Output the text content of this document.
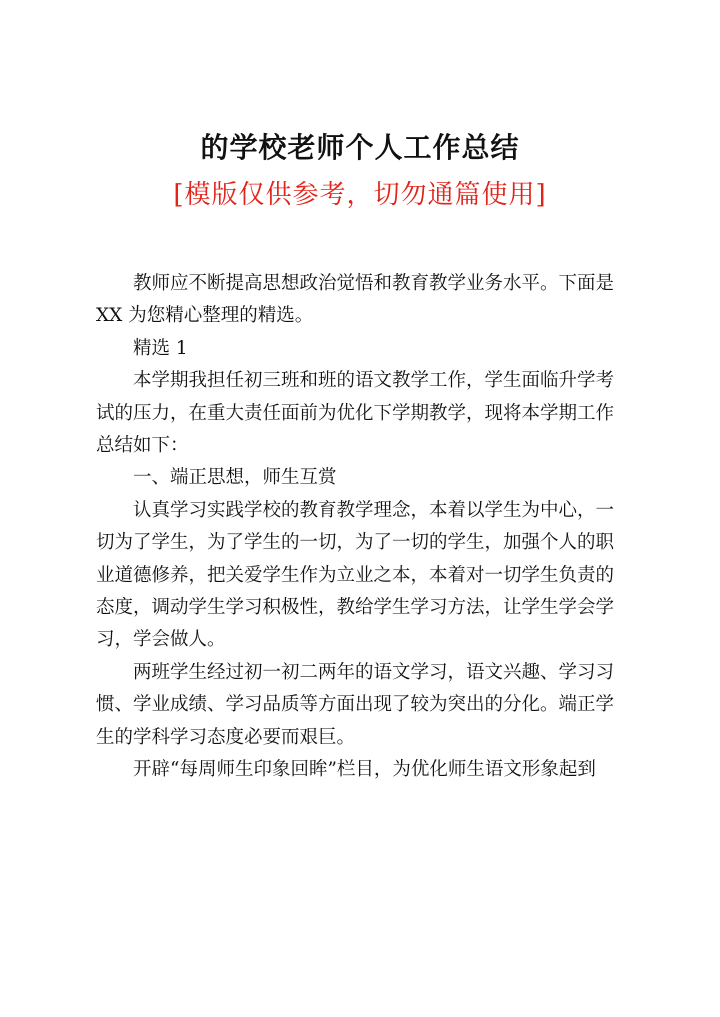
的学校老师个人工作总结
[模版仅供参考，切勿通篇使用]
教师应不断提高思想政治觉悟和教育教学业务水平。下面是
XX 为您精心整理的精选。
精选 1
本学期我担任初三班和班的语文教学工作，学生面临升学考
试的压力，在重大责任面前为优化下学期教学，现将本学期工作
总结如下：
一、端正思想，师生互赏
认真学习实践学校的教育教学理念，本着以学生为中心，一
切为了学生，为了学生的一切，为了一切的学生，加强个人的职
业道德修养，把关爱学生作为立业之本，本着对一切学生负责的
态度，调动学生学习积极性，教给学生学习方法，让学生学会学
习，学会做人。
两班学生经过初一初二两年的语文学习，语文兴趣、学习习
惯、学业成绩、学习品质等方面出现了较为突出的分化。端正学
生的学科学习态度必要而艰巨。
开辟“每周师生印象回眸”栏目，为优化师生语文形象起到
